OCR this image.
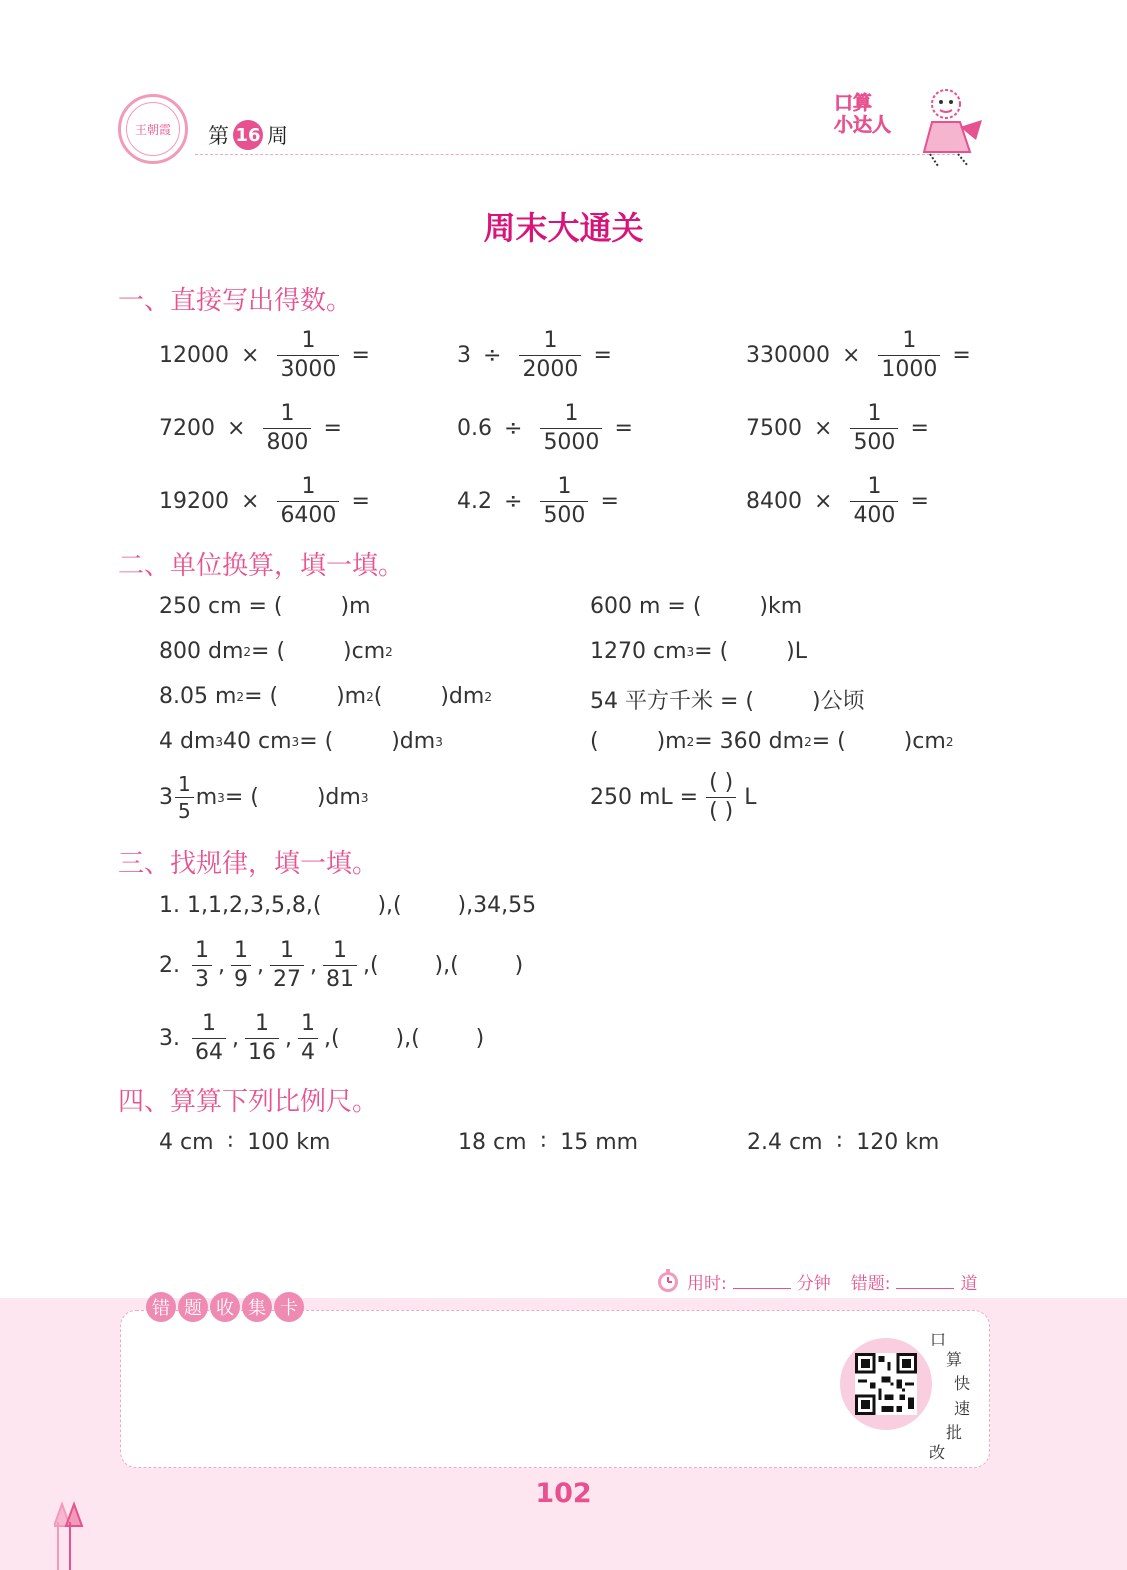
王朝霞	第 16 周
口算
小达人
周末大通关
一、直接写出得数。
$12000 \times \frac{1}{3000}$ =	$3 \div \frac{1}{2000}$ =	$330000 \times \frac{1}{1000}$ =
$7200 \times \frac{1}{800}$ =	$0.6 \div \frac{1}{5000}$ =	$7500 \times \frac{1}{500}$ =
$19200 \times \frac{1}{6400}$ =	$4.2 \div \frac{1}{500}$ =	$8400 \times \frac{1}{400}$ =
二、单位换算，填一填。
250 cm = (	)m	600 m = (	)km
800 dm 2 = (	)cm 2	1270 cm 3 = (	)L
8.05 m 2 = (	)m 2 (	)dm 2	54 平方千米 = (	)公顷
4 dm 3 40 cm 3 = (	)dm 3	(	)m 2 = 360 dm 2 = (	)cm 2
$3 \frac{1}{5}$ m 3 = (	)dm 3	250 mL = $\frac{( )}{( )}$ L
三、找规律，填一填。
1. 1,1,2,3,5,8,(        ),(        ),34,55
2. $\frac{1}{3}$ , $\frac{1}{9}$ , $\frac{1}{27}$ , $\frac{1}{81}$ ,(        ),(        )
3. $\frac{1}{64}$ , $\frac{1}{16}$ , $\frac{1}{4}$ ,(        ),(        )
四、算算下列比例尺。
4 cm  ∶  100 km	18 cm  ∶  15 mm	2.4 cm  ∶  120 km
用时:	分钟 错题:	道
错 题 收 集 卡
口
算
快
速
批
改
102
